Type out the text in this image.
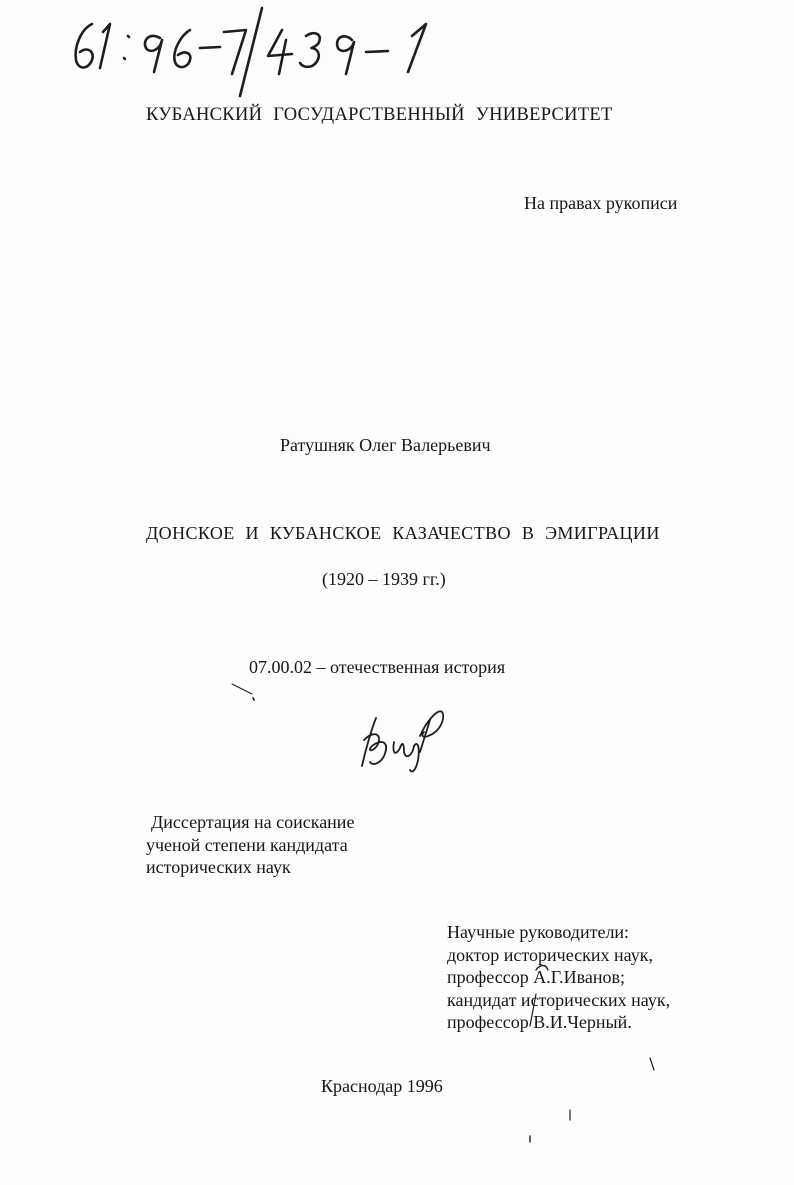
КУБАНСКИЙ ГОСУДАРСТВЕННЫЙ УНИВЕРСИТЕТ
На правах рукописи
Ратушняк Олег Валерьевич
ДОНСКОЕ И КУБАНСКОЕ КАЗАЧЕСТВО В ЭМИГРАЦИИ
(1920 – 1939 гг.)
07.00.02 – отечественная история
Диссертация на соискание
ученой степени кандидата
исторических наук
Научные руководители:
доктор исторических наук,
профессор А.Г.Иванов;
кандидат исторических наук,
профессор В.И.Черный.
Краснодар 1996
